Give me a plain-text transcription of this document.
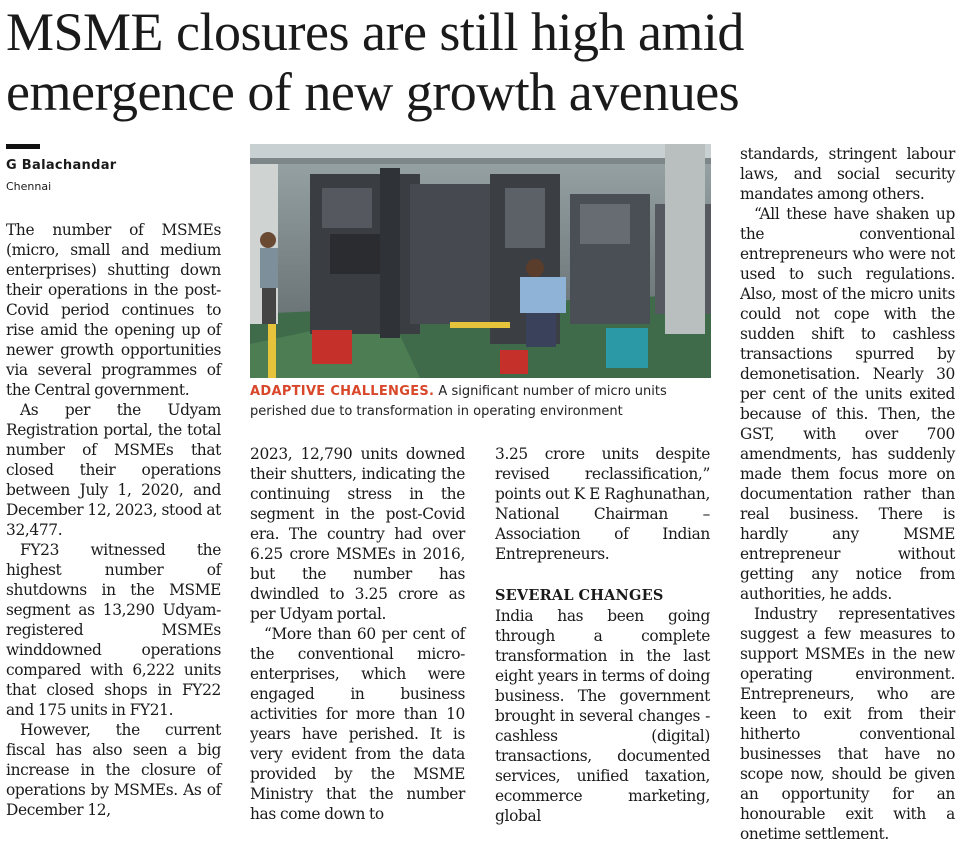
MSME closures are still high amid emergence of new growth avenues
G Balachandar
Chennai

The number of MSMEs (micro, small and medium enterprises) shutting down their operations in the post-Covid period continues to rise amid the opening up of newer growth opportunities via several programmes of the Central government.

As per the Udyam Registration portal, the total number of MSMEs that closed their operations between July 1, 2020, and December 12, 2023, stood at 32,477.

FY23 witnessed the highest number of shutdowns in the MSME segment as 13,290 Udyam-registered MSMEs winddowned operations compared with 6,222 units that closed shops in FY22 and 175 units in FY21.

However, the current fiscal has also seen a big increase in the closure of operations by MSMEs. As of December 12,

ADAPTIVE CHALLENGES. A significant number of micro units perished due to transformation in operating environment

2023, 12,790 units downed their shutters, indicating the continuing stress in the segment in the post-Covid era. The country had over 6.25 crore MSMEs in 2016, but the number has dwindled to 3.25 crore as per Udyam portal.

“More than 60 per cent of the conventional micro-enterprises, which were engaged in business activities for more than 10 years have perished. It is very evident from the data provided by the MSME Ministry that the number has come down to

3.25 crore units despite revised reclassification,” points out K E Raghunathan, National Chairman – Association of Indian Entrepreneurs.

SEVERAL CHANGES

India has been going through a complete transformation in the last eight years in terms of doing business. The government brought in several changes - cashless (digital) transactions, documented services, unified taxation, ecommerce marketing, global

standards, stringent labour laws, and social security mandates among others.

“All these have shaken up the conventional entrepreneurs who were not used to such regulations. Also, most of the micro units could not cope with the sudden shift to cashless transactions spurred by demonetisation. Nearly 30 per cent of the units exited because of this. Then, the GST, with over 700 amendments, has suddenly made them focus more on documentation rather than real business. There is hardly any MSME entrepreneur without getting any notice from authorities, he adds.

Industry representatives suggest a few measures to support MSMEs in the new operating environment. Entrepreneurs, who are keen to exit from their hitherto conventional businesses that have no scope now, should be given an opportunity for an honourable exit with a onetime settlement.
